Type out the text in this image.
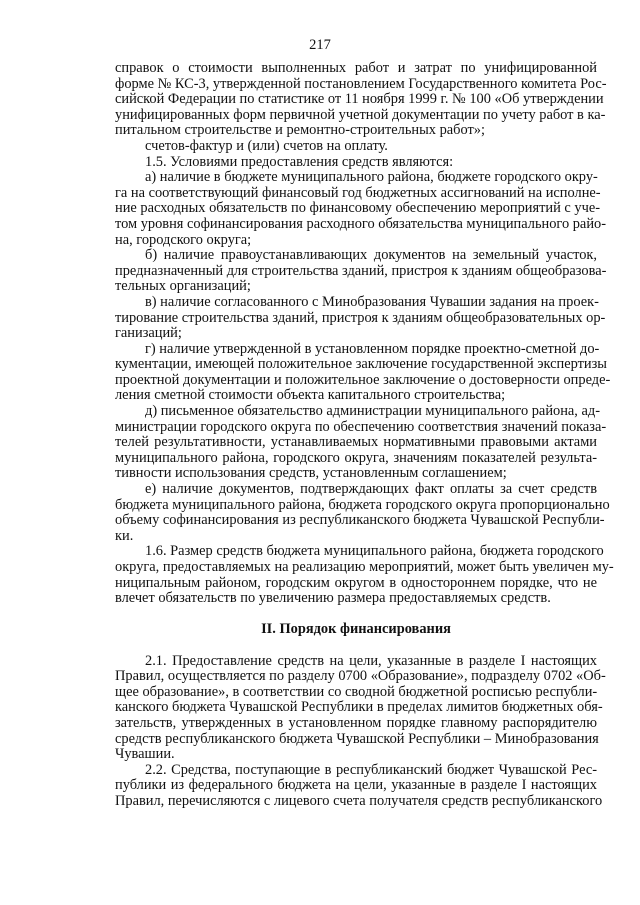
217
справок о стоимости выполненных работ и затрат по унифицированной
форме № КС-3, утвержденной постановлением Государственного комитета Рос-
сийской Федерации по статистике от 11 ноября 1999 г. № 100 «Об утверждении
унифицированных форм первичной учетной документации по учету работ в ка-
питальном строительстве и ремонтно-строительных работ»;
счетов-фактур и (или) счетов на оплату.
1.5. Условиями предоставления средств являются:
а) наличие в бюджете муниципального района, бюджете городского окру-
га на соответствующий финансовый год бюджетных ассигнований на исполне-
ние расходных обязательств по финансовому обеспечению мероприятий с уче-
том уровня софинансирования расходного обязательства муниципального райо-
на, городского округа;
б) наличие правоустанавливающих документов на земельный участок,
предназначенный для строительства зданий, пристроя к зданиям общеобразова-
тельных организаций;
в) наличие согласованного с Минобразования Чувашии задания на проек-
тирование строительства зданий, пристроя к зданиям общеобразовательных ор-
ганизаций;
г) наличие утвержденной в установленном порядке проектно-сметной до-
кументации, имеющей положительное заключение государственной экспертизы
проектной документации и положительное заключение о достоверности опреде-
ления сметной стоимости объекта капитального строительства;
д) письменное обязательство администрации муниципального района, ад-
министрации городского округа по обеспечению соответствия значений показа-
телей результативности, устанавливаемых нормативными правовыми актами
муниципального района, городского округа, значениям показателей результа-
тивности использования средств, установленным соглашением;
е) наличие документов, подтверждающих факт оплаты за счет средств
бюджета муниципального района, бюджета городского округа пропорционально
объему софинансирования из республиканского бюджета Чувашской Республи-
ки.
1.6. Размер средств бюджета муниципального района, бюджета городского
округа, предоставляемых на реализацию мероприятий, может быть увеличен му-
ниципальным районом, городским округом в одностороннем порядке, что не
влечет обязательств по увеличению размера предоставляемых средств.
II. Порядок финансирования
2.1. Предоставление средств на цели, указанные в разделе I настоящих
Правил, осуществляется по разделу 0700 «Образование», подразделу 0702 «Об-
щее образование», в соответствии со сводной бюджетной росписью республи-
канского бюджета Чувашской Республики в пределах лимитов бюджетных обя-
зательств, утвержденных в установленном порядке главному распорядителю
средств республиканского бюджета Чувашской Республики – Минобразования
Чувашии.
2.2. Средства, поступающие в республиканский бюджет Чувашской Рес-
публики из федерального бюджета на цели, указанные в разделе I настоящих
Правил, перечисляются с лицевого счета получателя средств республиканского
